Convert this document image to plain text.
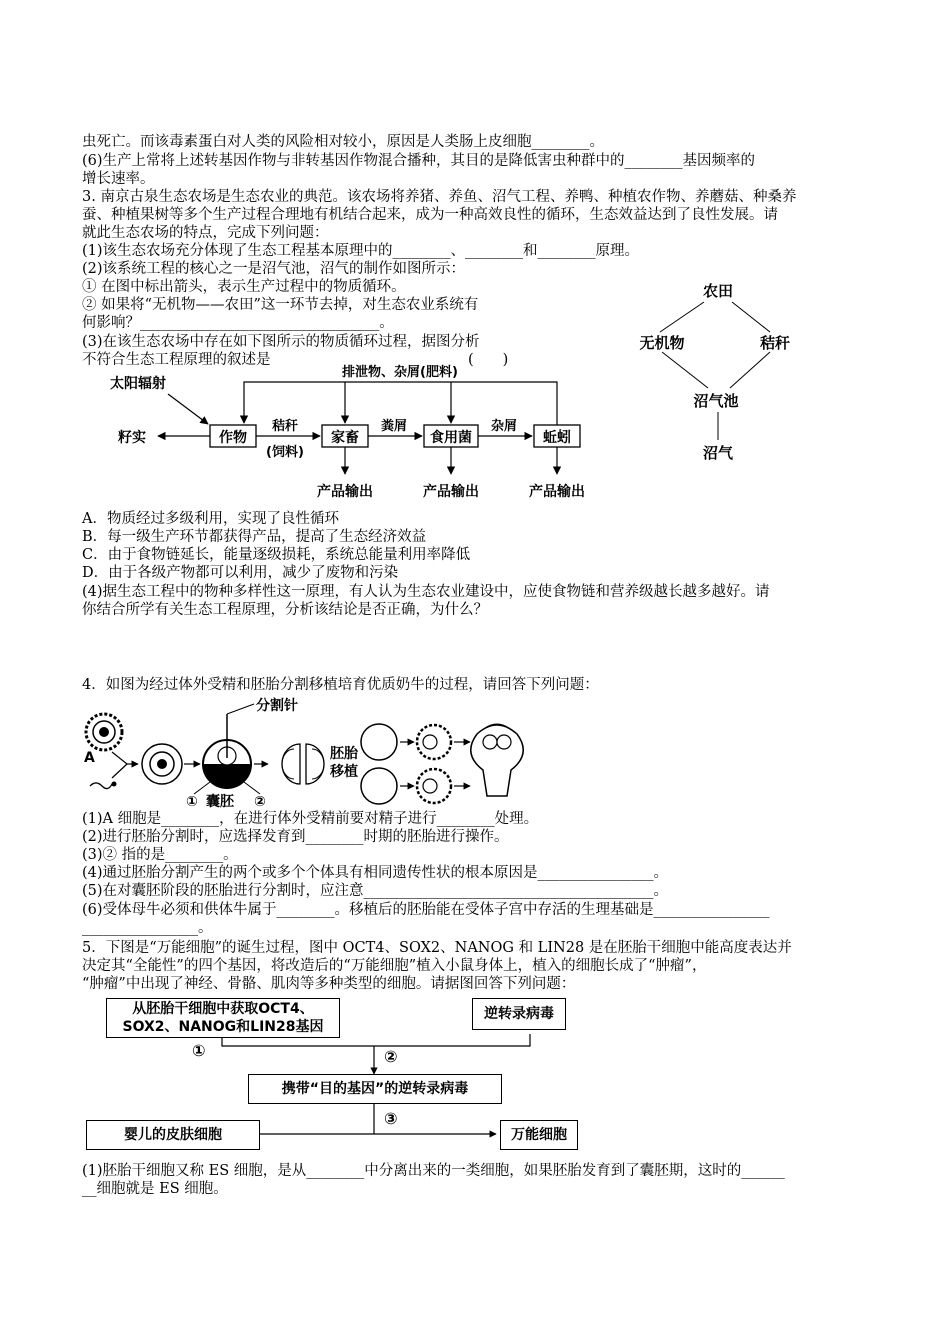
虫死亡。而该毒素蛋白对人类的风险相对较小，原因是人类肠上皮细胞________。
(6)生产上常将上述转基因作物与非转基因作物混合播种，其目的是降低害虫种群中的________基因频率的
增长速率。
3. 南京古泉生态农场是生态农业的典范。该农场将养猪、养鱼、沼气工程、养鸭、种植农作物、养蘑菇、种桑养
蚕、种植果树等多个生产过程合理地有机结合起来，成为一种高效良性的循环，生态效益达到了良性发展。请
就此生态农场的特点，完成下列问题：
(1)该生态农场充分体现了生态工程基本原理中的________、________和________原理。
(2)该系统工程的核心之一是沼气池，沼气的制作如图所示：
① 在图中标出箭头，表示生产过程中的物质循环。
② 如果将“无机物——农田”这一环节去掉，对生态农业系统有
何影响？_________________________________。
(3)在该生态农场中存在如下图所示的物质循环过程，据图分析
不符合生态工程原理的叙述是	(　　)
农田
无机物	秸秆
沼气池
沼气
作物	家畜	食用菌	蚯蚓
太阳辐射
籽实
秸秆
(饲料)
粪屑	杂屑
排泄物、杂屑(肥料)
产品输出	产品输出	产品输出
A．物质经过多级利用，实现了良性循环
B．每一级生产环节都获得产品，提高了生态经济效益
C．由于食物链延长，能量逐级损耗，系统总能量利用率降低
D．由于各级产物都可以利用，减少了废物和污染
(4)据生态工程中的物种多样性这一原理，有人认为生态农业建设中，应使食物链和营养级越长越多越好。请
你结合所学有关生态工程原理，分析该结论是否正确，为什么？
4．如图为经过体外受精和胚胎分割移植培育优质奶牛的过程，请回答下列问题：
A
分割针
① 囊胚 ②
胚胎
移植
(1)A 细胞是________，在进行体外受精前要对精子进行________处理。
(2)进行胚胎分割时，应选择发育到________时期的胚胎进行操作。
(3)② 指的是________。
(4)通过胚胎分割产生的两个或多个个体具有相同遗传性状的根本原因是________________。
(5)在对囊胚阶段的胚胎进行分割时，应注意________________________________________。
(6)受体母牛必须和供体牛属于________。移植后的胚胎能在受体子宫中存活的生理基础是________________
________________。
5．下图是“万能细胞”的诞生过程，图中 OCT4、SOX2、NANOG 和 LIN28 是在胚胎干细胞中能高度表达并
决定其“全能性”的四个基因，将改造后的“万能细胞”植入小鼠身体上，植入的细胞长成了“肿瘤”，
“肿瘤”中出现了神经、骨骼、肌肉等多种类型的细胞。请据图回答下列问题：
从胚胎干细胞中获取OCT4、
SOX2、NANOG和LIN28基因
逆转录病毒
①	②
携带“目的基因”的逆转录病毒
③
婴儿的皮肤细胞	万能细胞
(1)胚胎干细胞又称 ES 细胞，是从________中分离出来的一类细胞，如果胚胎发育到了囊胚期，这时的______
__细胞就是 ES 细胞。
